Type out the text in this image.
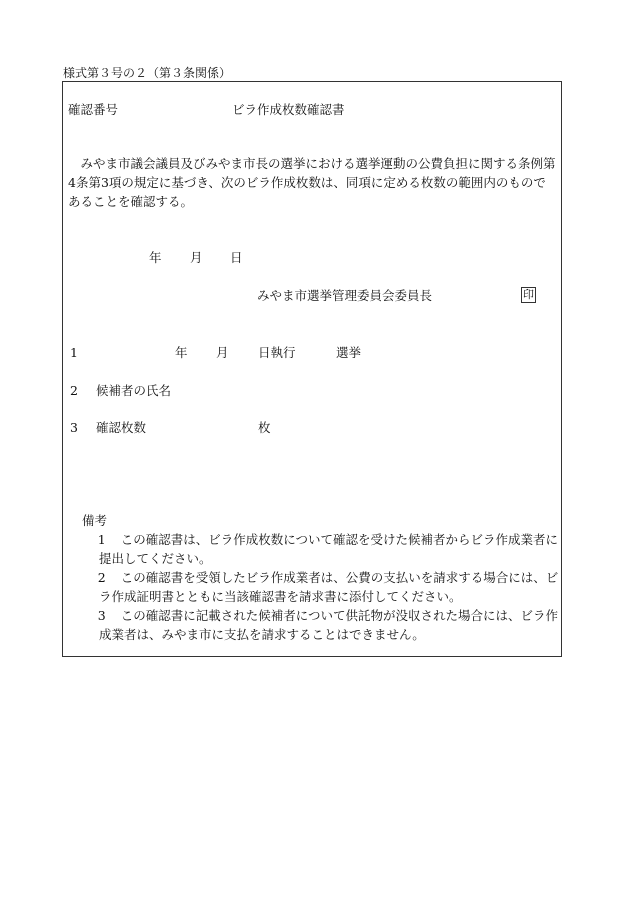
様式第３号の２（第３条関係）
確認番号	ビラ作成枚数確認書
みやま市議会議員及びみやま市長の選挙における選挙運動の公費負担に関する条例第4条第3項の規定に基づき、次のビラ作成枚数は、同項に定める枚数の範囲内のものであることを確認する。
年 月 日
みやま市選挙管理委員会委員長	印
1	年 月 日執行	選挙
2 候補者の氏名
3 確認枚数	枚
備考
1 この確認書は、ビラ作成枚数について確認を受けた候補者からビラ作成業者に提出してください。
2 この確認書を受領したビラ作成業者は、公費の支払いを請求する場合には、ビラ作成証明書とともに当該確認書を請求書に添付してください。
3 この確認書に記載された候補者について供託物が没収された場合には、ビラ作成業者は、みやま市に支払を請求することはできません。
